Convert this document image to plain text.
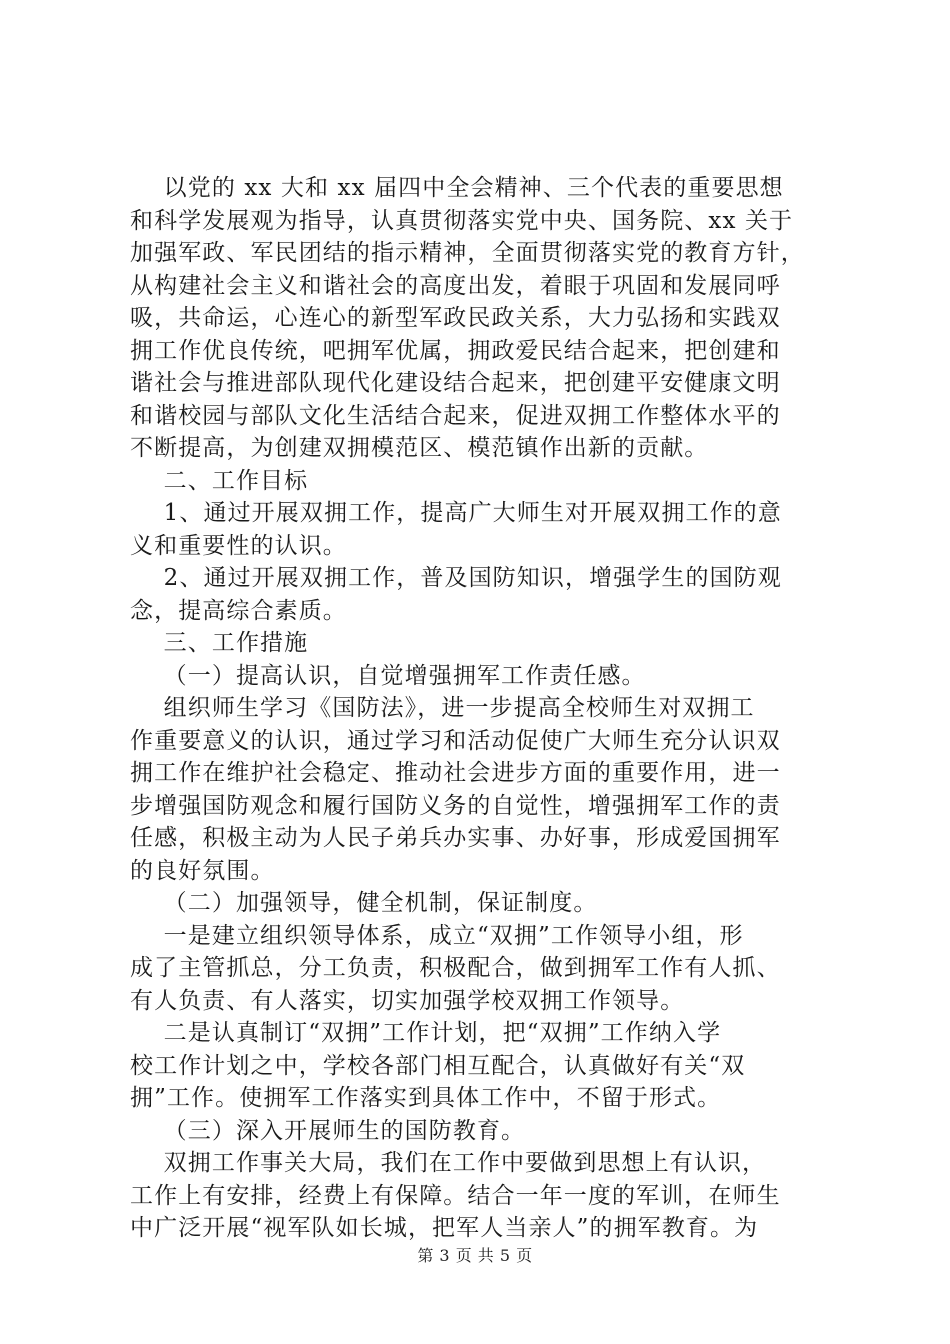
以党的 xx 大和 xx 届四中全会精神、三个代表的重要思想
和科学发展观为指导，认真贯彻落实党中央、国务院、xx 关于
加强军政、军民团结的指示精神，全面贯彻落实党的教育方针，
从构建社会主义和谐社会的高度出发，着眼于巩固和发展同呼
吸，共命运，心连心的新型军政民政关系，大力弘扬和实践双
拥工作优良传统，吧拥军优属，拥政爱民结合起来，把创建和
谐社会与推进部队现代化建设结合起来，把创建平安健康文明
和谐校园与部队文化生活结合起来，促进双拥工作整体水平的
不断提高，为创建双拥模范区、模范镇作出新的贡献。
二、工作目标
1、通过开展双拥工作，提高广大师生对开展双拥工作的意
义和重要性的认识。
2、通过开展双拥工作，普及国防知识，增强学生的国防观
念，提高综合素质。
三、工作措施
（一）提高认识，自觉增强拥军工作责任感。
组织师生学习《国防法》，进一步提高全校师生对双拥工
作重要意义的认识，通过学习和活动促使广大师生充分认识双
拥工作在维护社会稳定、推动社会进步方面的重要作用，进一
步增强国防观念和履行国防义务的自觉性，增强拥军工作的责
任感，积极主动为人民子弟兵办实事、办好事，形成爱国拥军
的良好氛围。
（二）加强领导，健全机制，保证制度。
一是建立组织领导体系，成立“双拥”工作领导小组，形
成了主管抓总，分工负责，积极配合，做到拥军工作有人抓、
有人负责、有人落实，切实加强学校双拥工作领导。
二是认真制订“双拥”工作计划，把“双拥”工作纳入学
校工作计划之中，学校各部门相互配合，认真做好有关“双
拥”工作。使拥军工作落实到具体工作中，不留于形式。
（三）深入开展师生的国防教育。
双拥工作事关大局，我们在工作中要做到思想上有认识，
工作上有安排，经费上有保障。结合一年一度的军训，在师生
中广泛开展“视军队如长城，把军人当亲人”的拥军教育。为
第 3 页 共 5 页
